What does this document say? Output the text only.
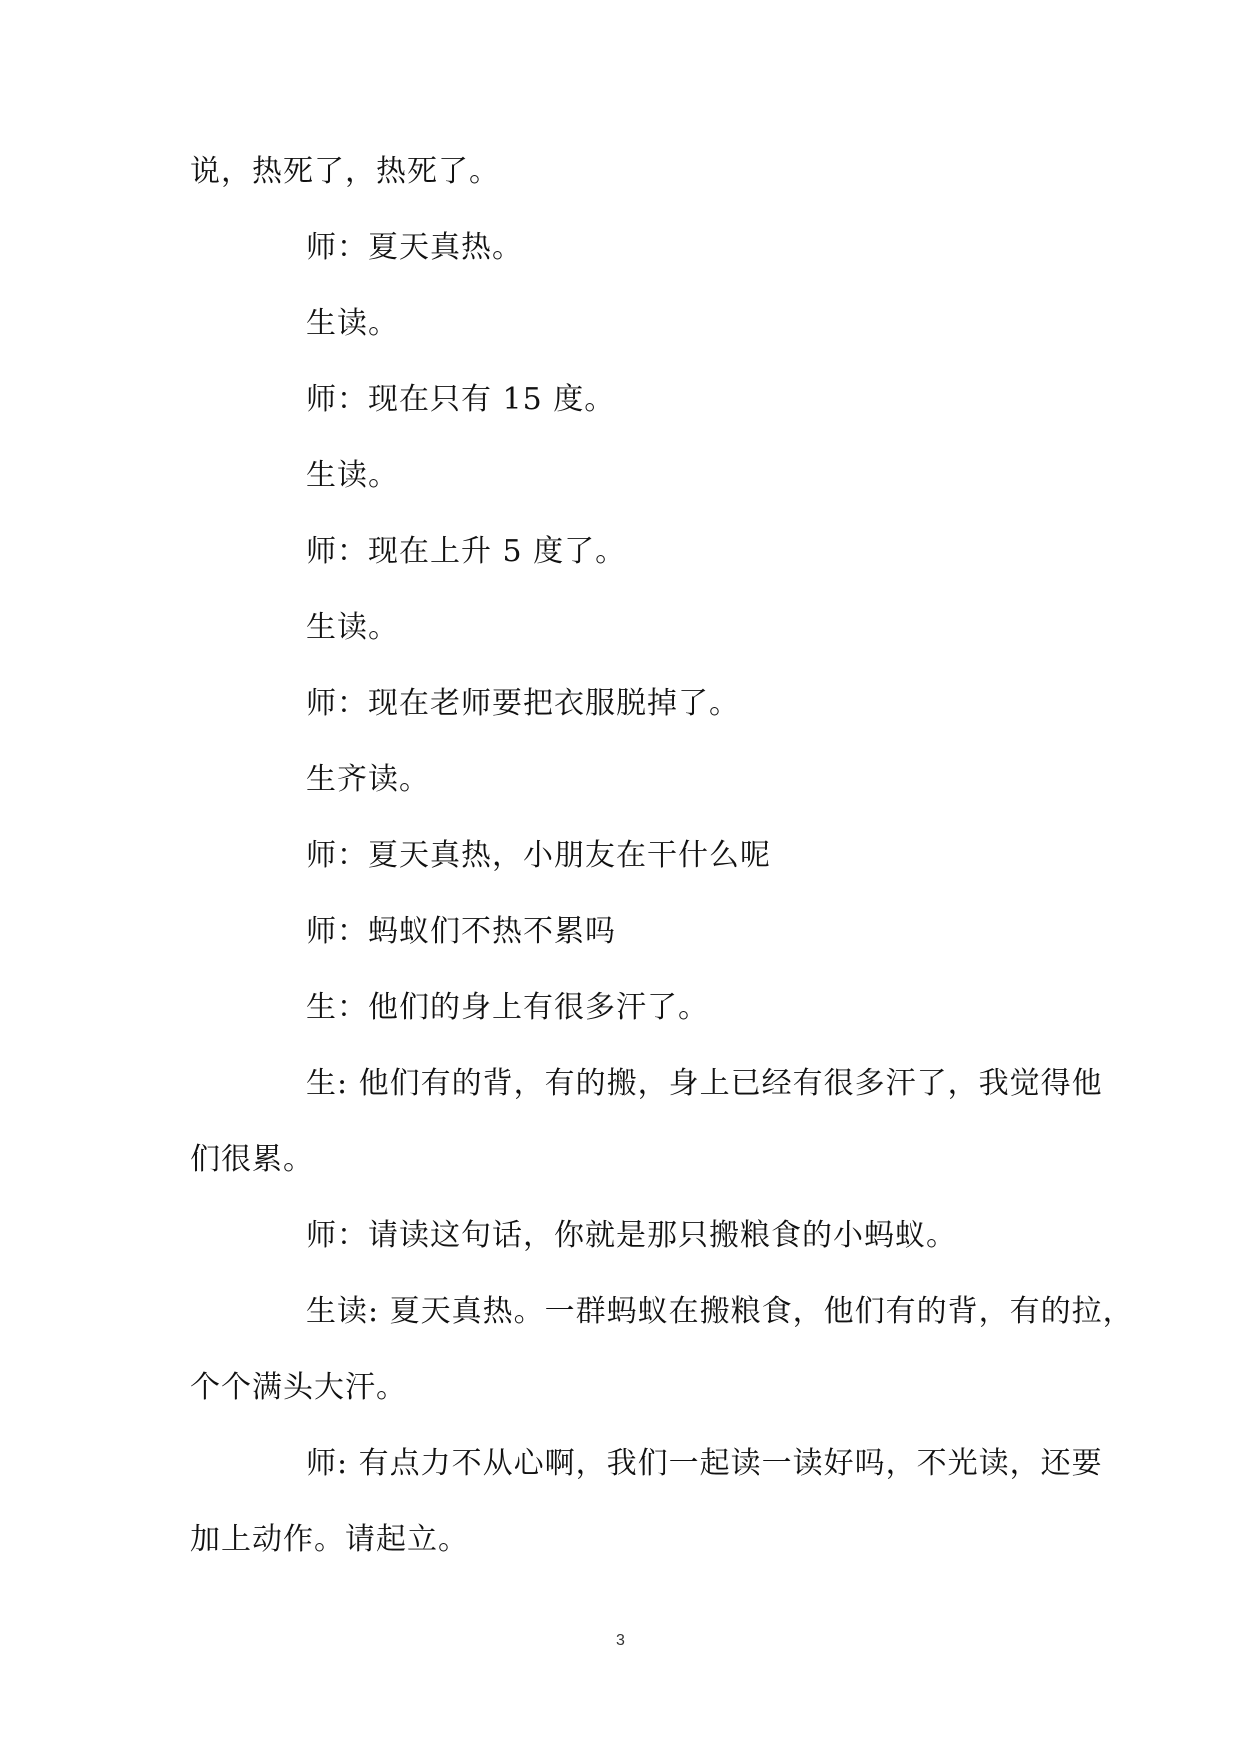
说，热死了，热死了。
师：夏天真热。
生读。
师：现在只有 15 度。
生读。
师：现在上升 5 度了。
生读。
师：现在老师要把衣服脱掉了。
生齐读。
师：夏天真热，小朋友在干什么呢
师：蚂蚁们不热不累吗
生：他们的身上有很多汗了。
生: 他们有的背，有的搬，身上已经有很多汗了，我觉得他
们很累。
师：请读这句话，你就是那只搬粮食的小蚂蚁。
生读: 夏天真热。一群蚂蚁在搬粮食，他们有的背，有的拉，
个个满头大汗。
师: 有点力不从心啊，我们一起读一读好吗，不光读，还要
加上动作。请起立。
3
